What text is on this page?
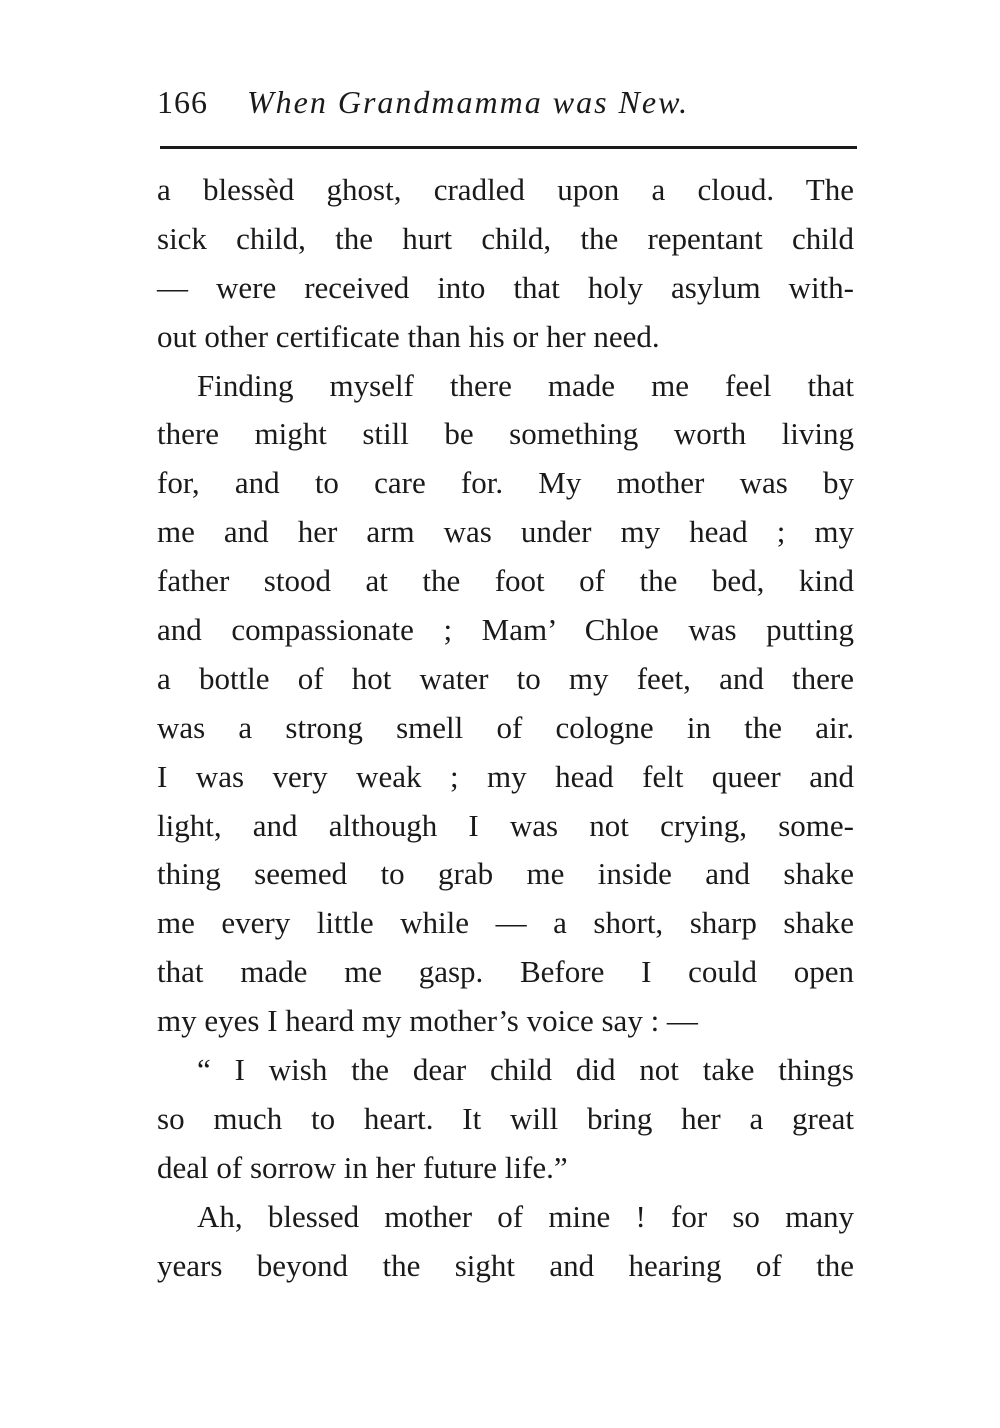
166 When Grandmamma was New.
a blessèd ghost, cradled upon a cloud. The
sick child, the hurt child, the repentant child
— were received into that holy asylum with-
out other certificate than his or her need.
Finding myself there made me feel that
there might still be something worth living
for, and to care for. My mother was by
me and her arm was under my head ; my
father stood at the foot of the bed, kind
and compassionate ; Mam’ Chloe was putting
a bottle of hot water to my feet, and there
was a strong smell of cologne in the air.
I was very weak ; my head felt queer and
light, and although I was not crying, some-
thing seemed to grab me inside and shake
me every little while — a short, sharp shake
that made me gasp. Before I could open
my eyes I heard my mother’s voice say : —
“ I wish the dear child did not take things
so much to heart. It will bring her a great
deal of sorrow in her future life.”
Ah, blessed mother of mine ! for so many
years beyond the sight and hearing of the
